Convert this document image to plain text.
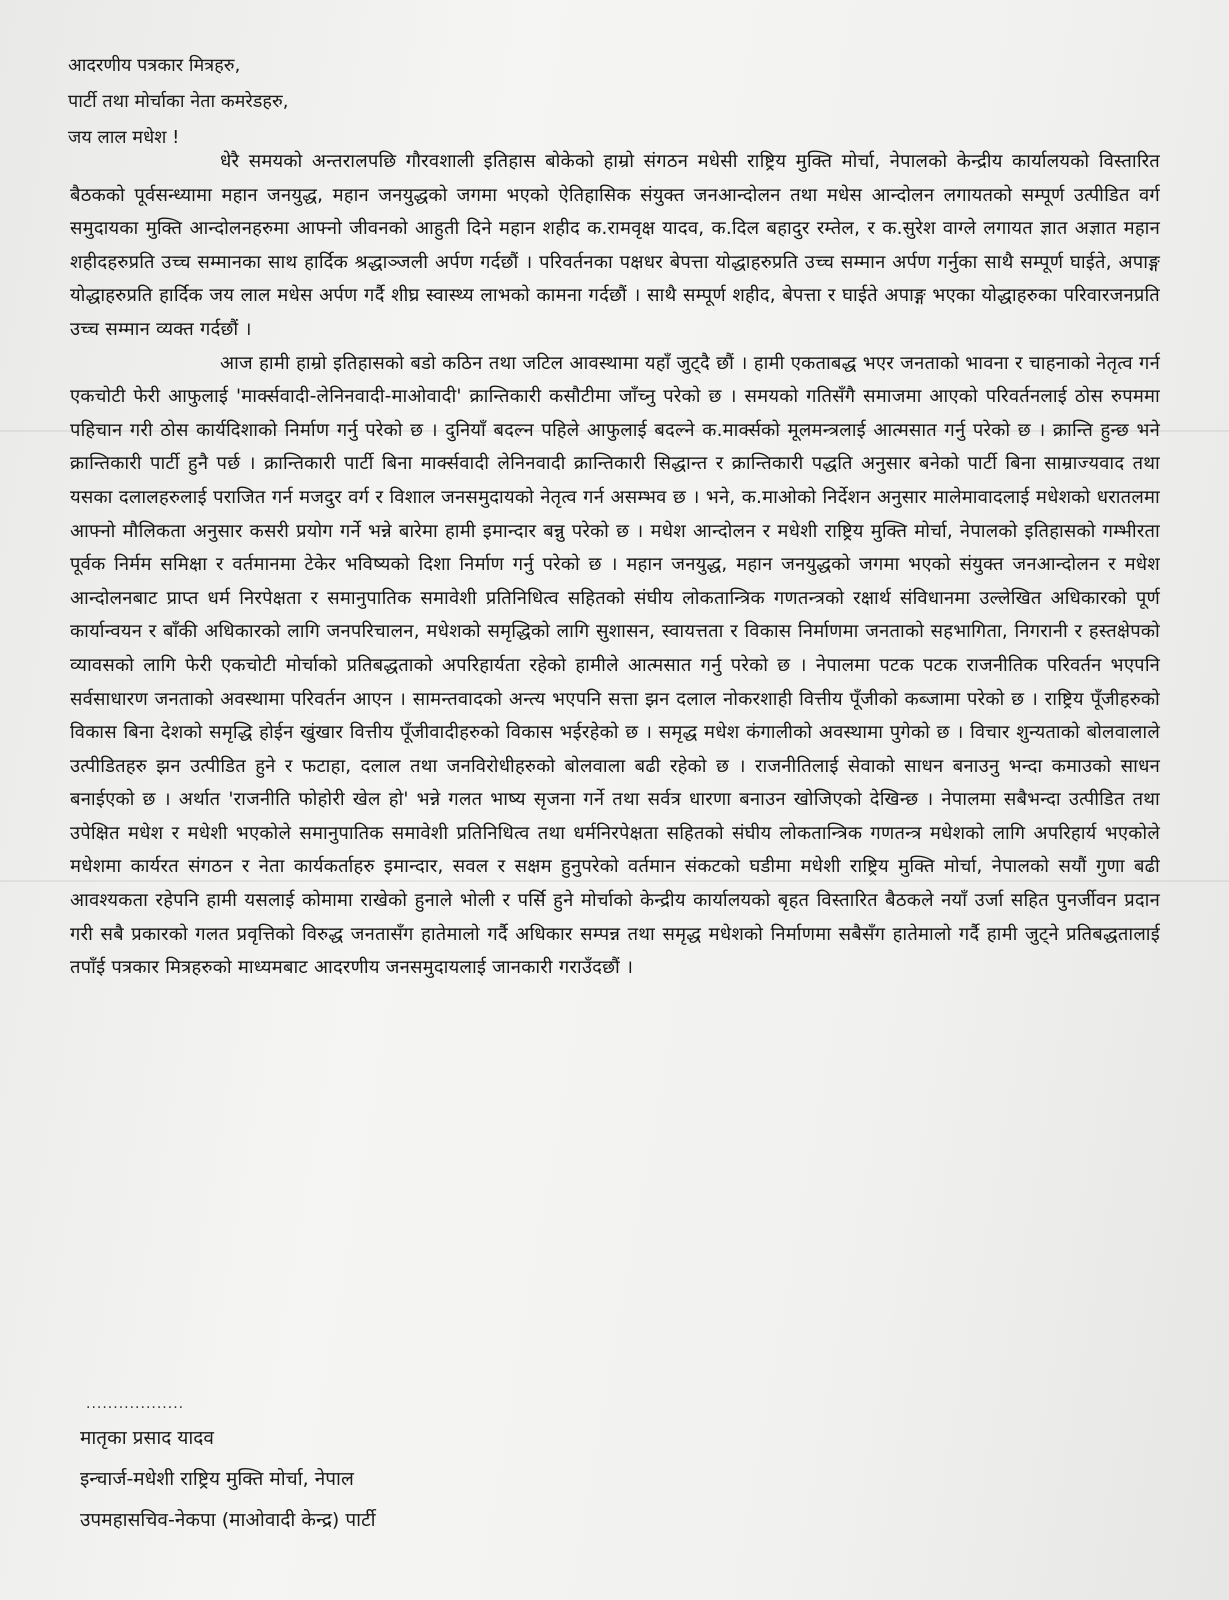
आदरणीय पत्रकार मित्रहरु,
पार्टी तथा मोर्चाका नेता कमरेडहरु,
जय लाल मधेश !

धेरै समयको अन्तरालपछि गौरवशाली इतिहास बोकेको हाम्रो संगठन मधेसी राष्ट्रिय मुक्ति मोर्चा, नेपालको केन्द्रीय कार्यालयको विस्तारित बैठकको पूर्वसन्ध्यामा महान जनयुद्ध, महान जनयुद्धको जगमा भएको ऐतिहासिक संयुक्त जनआन्दोलन तथा मधेस आन्दोलन लगायतको सम्पूर्ण उत्पीडित वर्ग समुदायका मुक्ति आन्दोलनहरुमा आफ्नो जीवनको आहुती दिने महान शहीद क.रामवृक्ष यादव, क.दिल बहादुर रम्तेल, र क.सुरेश वाग्ले लगायत ज्ञात अज्ञात महान शहीदहरुप्रति उच्च सम्मानका साथ हार्दिक श्रद्धाञ्जली अर्पण गर्दछौं । परिवर्तनका पक्षधर बेपत्ता योद्धाहरुप्रति उच्च सम्मान अर्पण गर्नुका साथै सम्पूर्ण घाईते, अपाङ्ग योद्धाहरुप्रति हार्दिक जय लाल मधेस अर्पण गर्दै शीघ्र स्वास्थ्य लाभको कामना गर्दछौं । साथै सम्पूर्ण शहीद, बेपत्ता र घाईते अपाङ्ग भएका योद्धाहरुका परिवारजनप्रति उच्च सम्मान व्यक्त गर्दछौं ।

आज हामी हाम्रो इतिहासको बडो कठिन तथा जटिल आवस्थामा यहाँ जुट्दै छौं । हामी एकताबद्ध भएर जनताको भावना र चाहनाको नेतृत्व गर्न एकचोटी फेरी आफुलाई 'मार्क्सवादी-लेनिनवादी-माओवादी' क्रान्तिकारी कसौटीमा जाँच्नु परेको छ । समयको गतिसँगै समाजमा आएको परिवर्तनलाई ठोस रुपममा पहिचान गरी ठोस कार्यदिशाको निर्माण गर्नु परेको छ । दुनियाँ बदल्न पहिले आफुलाई बदल्ने क.मार्क्सको मूलमन्त्रलाई आत्मसात गर्नु परेको छ । क्रान्ति हुन्छ भने क्रान्तिकारी पार्टी हुनै पर्छ । क्रान्तिकारी पार्टी बिना मार्क्सवादी लेनिनवादी क्रान्तिकारी सिद्धान्त र क्रान्तिकारी पद्धति अनुसार बनेको पार्टी बिना साम्राज्यवाद तथा यसका दलालहरुलाई पराजित गर्न मजदुर वर्ग र विशाल जनसमुदायको नेतृत्व गर्न असम्भव छ । भने, क.माओको निर्देशन अनुसार मालेमावादलाई मधेशको धरातलमा आफ्नो मौलिकता अनुसार कसरी प्रयोग गर्ने भन्ने बारेमा हामी इमान्दार बन्नु परेको छ । मधेश आन्दोलन र मधेशी राष्ट्रिय मुक्ति मोर्चा, नेपालको इतिहासको गम्भीरता पूर्वक निर्मम समिक्षा र वर्तमानमा टेकेर भविष्यको दिशा निर्माण गर्नु परेको छ । महान जनयुद्ध, महान जनयुद्धको जगमा भएको संयुक्त जनआन्दोलन र मधेश आन्दोलनबाट प्राप्त धर्म निरपेक्षता र समानुपातिक समावेशी प्रतिनिधित्व सहितको संघीय लोकतान्त्रिक गणतन्त्रको रक्षार्थ संविधानमा उल्लेखित अधिकारको पूर्ण कार्यान्वयन र बाँकी अधिकारको लागि जनपरिचालन, मधेशको समृद्धिको लागि सुशासन, स्वायत्तता र विकास निर्माणमा जनताको सहभागिता, निगरानी र हस्तक्षेपको व्यावसको लागि फेरी एकचोटी मोर्चाको प्रतिबद्धताको अपरिहार्यता रहेको हामीले आत्मसात गर्नु परेको छ । नेपालमा पटक पटक राजनीतिक परिवर्तन भएपनि सर्वसाधारण जनताको अवस्थामा परिवर्तन आएन । सामन्तवादको अन्त्य भएपनि सत्ता झन दलाल नोकरशाही वित्तीय पूँजीको कब्जामा परेको छ । राष्ट्रिय पूँजीहरुको विकास बिना देशको समृद्धि होईन खुंखार वित्तीय पूँजीवादीहरुको विकास भईरहेको छ । समृद्ध मधेश कंगालीको अवस्थामा पुगेको छ । विचार शुन्यताको बोलवालाले उत्पीडितहरु झन उत्पीडित हुने र फटाहा, दलाल तथा जनविरोधीहरुको बोलवाला बढी रहेको छ । राजनीतिलाई सेवाको साधन बनाउनु भन्दा कमाउको साधन बनाईएको छ । अर्थात 'राजनीति फोहोरी खेल हो' भन्ने गलत भाष्य सृजना गर्ने तथा सर्वत्र धारणा बनाउन खोजिएको देखिन्छ । नेपालमा सबैभन्दा उत्पीडित तथा उपेक्षित मधेश र मधेशी भएकोले समानुपातिक समावेशी प्रतिनिधित्व तथा धर्मनिरपेक्षता सहितको संघीय लोकतान्त्रिक गणतन्त्र मधेशको लागि अपरिहार्य भएकोले मधेशमा कार्यरत संगठन र नेता कार्यकर्ताहरु इमान्दार, सवल र सक्षम हुनुपरेको वर्तमान संकटको घडीमा मधेशी राष्ट्रिय मुक्ति मोर्चा, नेपालको सयौं गुणा बढी आवश्यकता रहेपनि हामी यसलाई कोमामा राखेको हुनाले भोली र पर्सि हुने मोर्चाको केन्द्रीय कार्यालयको बृहत विस्तारित बैठकले नयाँ उर्जा सहित पुनर्जीवन प्रदान गरी सबै प्रकारको गलत प्रवृत्तिको विरुद्ध जनतासँग हातेमालो गर्दै अधिकार सम्पन्न तथा समृद्ध मधेशको निर्माणमा सबैसँग हातेमालो गर्दै हामी जुट्ने प्रतिबद्धतालाई तपाँई पत्रकार मित्रहरुको माध्यमबाट आदरणीय जनसमुदायलाई जानकारी गराउँदछौं ।

..................
मातृका प्रसाद यादव
इन्चार्ज-मधेशी राष्ट्रिय मुक्ति मोर्चा, नेपाल
उपमहासचिव-नेकपा (माओवादी केन्द्र) पार्टी
